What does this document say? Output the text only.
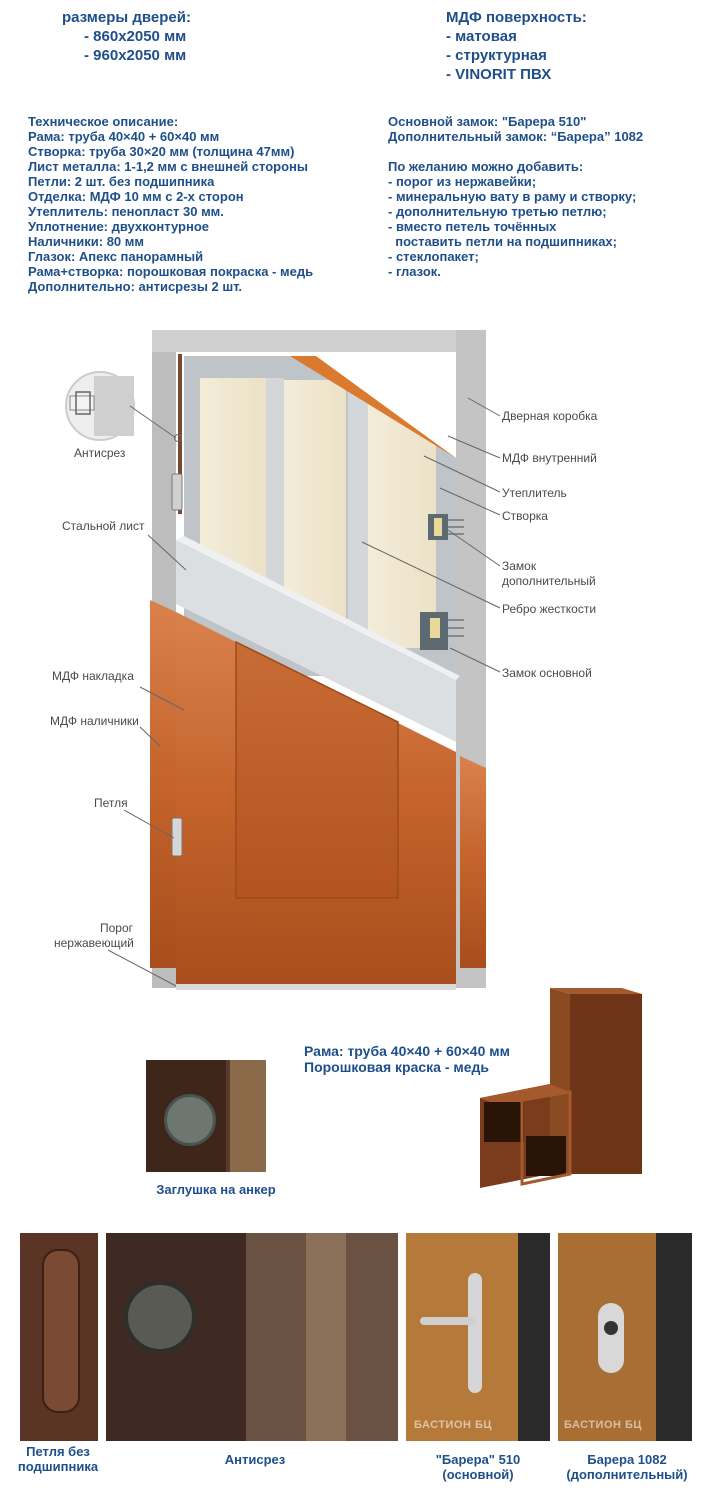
размеры дверей:
- 860x2050 мм
- 960x2050 мм
МДФ поверхность:
- матовая
- структурная
- VINORIT ПВХ
Техническое описание:
Рама: труба 40×40 + 60×40 мм
Створка: труба 30×20 мм (толщина 47мм)
Лист металла: 1-1,2 мм с внешней стороны
Петли: 2 шт. без подшипника
Отделка: МДФ 10 мм с 2-х сторон
Утеплитель: пенопласт 30 мм.
Уплотнение: двухконтурное
Наличники: 80 мм
Глазок: Апекс панорамный
Рама+створка: порошковая покраска - медь
Дополнительно: антисрезы 2 шт.
Основной замок: "Барера 510"
Дополнительный замок: “Барера” 1082
По желанию можно добавить:
- порог из нержавейки;
- минеральную вату в раму и створку;
- дополнительную третью петлю;
- вместо петель точённых
поставить петли на подшипниках;
- стеклопакет;
- глазок.
Антисрез
Стальной лист
МДФ накладка
МДФ наличники
Петля
Порог
нержавеющий
Дверная коробка
МДФ внутренний
Утеплитель
Створка
Замок
дополнительный
Ребро жесткости
Замок основной
Рама: труба 40×40 + 60×40 мм
Порошковая краска - медь
Заглушка на анкер
Петля без
подшипника	Антисрез
БАСТИОН БЦ
"Барера" 510
(основной)
БАСТИОН БЦ
Барера 1082
(дополнительный)
